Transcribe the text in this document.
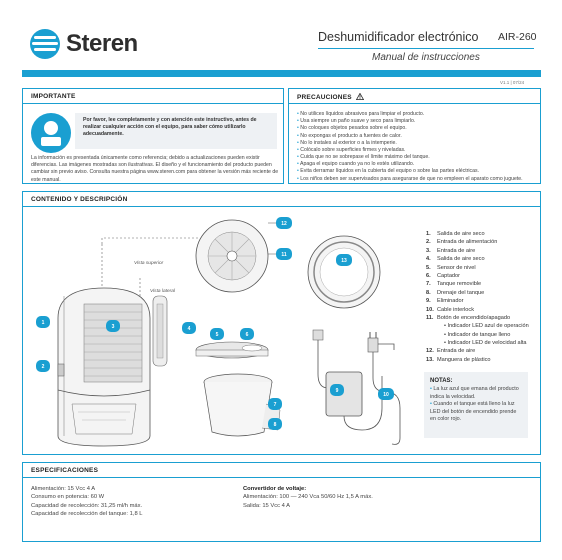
Steren	Deshumidificador electrónico AIR-260
Manual de instrucciones
V1.1 | 07/24
IMPORTANTE
Por favor, lee completamente y con atención este instructivo, antes de realizar cualquier acción con el equipo, para saber cómo utilizarlo adecuadamente.
La información es presentada únicamente como referencia; debido a actualizaciones pueden existir diferencias. Las imágenes mostradas son ilustrativas. El diseño y el funcionamiento del producto pueden cambiar sin previo aviso. Consulta nuestra página www.steren.com para obtener la versión más reciente de este manual.
PRECAUCIONES
• No utilices líquidos abrasivos para limpiar el producto.
• Usa siempre un paño suave y seco para limpiarlo.
• No coloques objetos pesados sobre el equipo.
• No expongas el producto a fuentes de calor.
• No lo instales al exterior o a la intemperie.
• Colócalo sobre superficies firmes y niveladas.
• Cuida que no se sobrepase el límite máximo del tanque.
• Apaga el equipo cuando ya no lo estés utilizando.
• Evita derramar líquidos en la cubierta del equipo o sobre las partes eléctricas.
• Los niños deben ser supervisados para asegurarse de que no empleen el aparato como juguete.
CONTENIDO Y DESCRIPCIÓN
Vista lateral
Vista superior
1
2
3	4
5	6
7
8
9
10
11
12
13
1. Salida de aire seco
2. Entrada de alimentación
3. Entrada de aire
4. Salida de aire seco
5. Sensor de nivel
6. Captador
7. Tanque removible
8. Drenaje del tanque
9. Eliminador
10. Cable interlock
11. Botón de encendido/apagado
• Indicador LED azul de operación
• Indicador de tanque lleno
• Indicador LED de velocidad alta
12. Entrada de aire
13. Manguera de plástico
NOTAS:
• La luz azul que emana del producto indica la velocidad.
• Cuando el tanque está lleno la luz LED del botón de encendido prende en color rojo.
ESPECIFICACIONES
Alimentación: 15 Vcc 4 A
Consumo en potencia: 60 W
Capacidad de recolección: 31,25 ml/h máx.
Capacidad de recolección del tanque: 1,8 L
Convertidor de voltaje:
Alimentación: 100 — 240 Vca 50/60 Hz 1,5 A máx.
Salida: 15 Vcc 4 A
